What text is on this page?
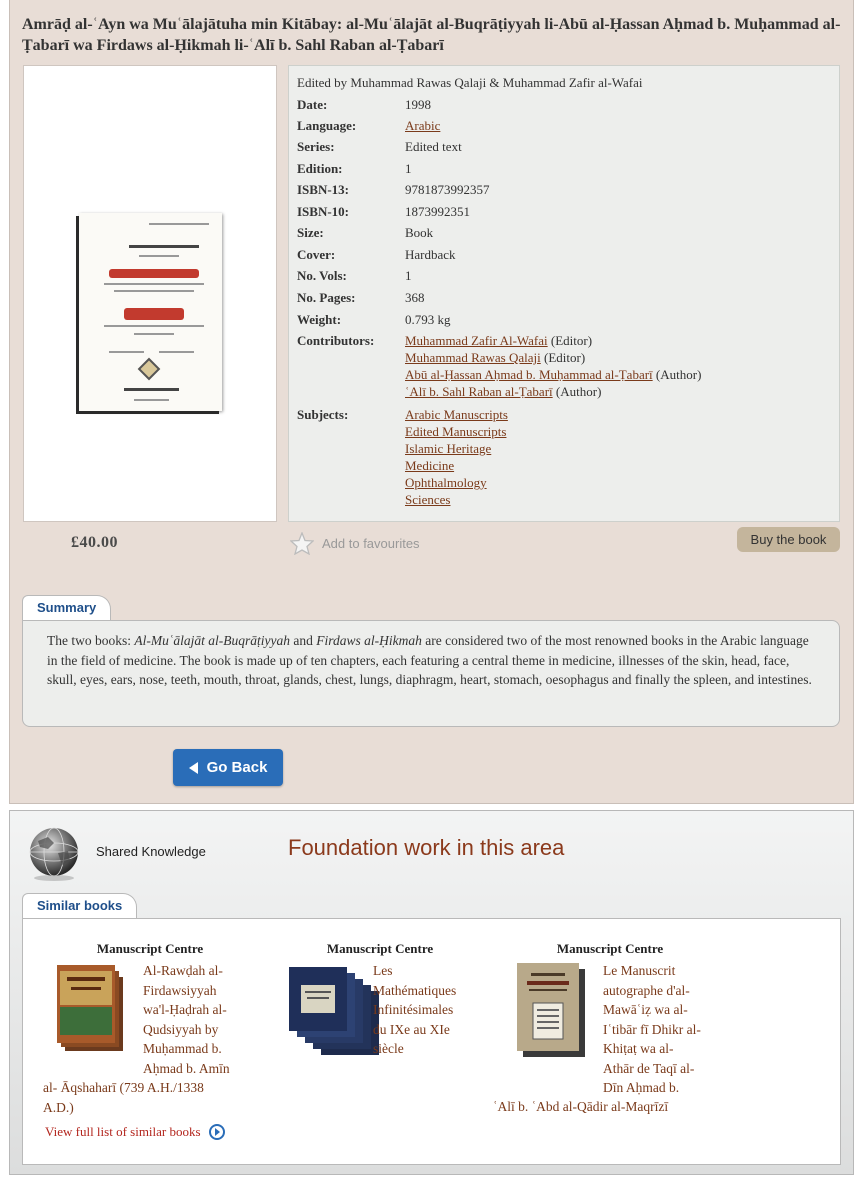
Amrāḍ al-ʿAyn wa Muʿālajātuha min Kitābay: al-Muʿālajāt al-Buqrāṭiyyah li-Abū al-Ḥassan Aḥmad b. Muḥammad al-Ṭabarī wa Firdaws al-Ḥikmah li-ʿAlī b. Sahl Raban al-Ṭabarī
Edited by Muhammad Rawas Qalaji & Muhammad Zafir al-Wafai
Date:	1998
Language:	Arabic
Series:	Edited text
Edition:	1
ISBN-13:	9781873992357
ISBN-10:	1873992351
Size:	Book
Cover:	Hardback
No. Vols:	1
No. Pages:	368
Weight:	0.793 kg
Contributors: Muhammad Zafir Al-Wafai (Editor)
Muhammad Rawas Qalaji (Editor)
Abū al-Ḥassan Aḥmad b. Muḥammad al-Ṭabarī (Author)
ʿAlī b. Sahl Raban al-Ṭabarī (Author)
Subjects:	Arabic Manuscripts
Edited Manuscripts
Islamic Heritage
Medicine
Ophthalmology
Sciences
£40.00	Add to favourites	Buy the book
Summary
The two books: Al-Muʿālajāt al-Buqrāṭiyyah and Firdaws al-Ḥikmah are considered two of the most renowned books in the Arabic language in the field of medicine. The book is made up of ten chapters, each featuring a central theme in medicine, illnesses of the skin, head, face, skull, eyes, ears, nose, teeth, mouth, throat, glands, chest, lungs, diaphragm, heart, stomach, oesophagus and finally the spleen, and intestines.
Go Back
Shared Knowledge	Foundation work in this area
Similar books
Manuscript Centre
Al-Rawḍah al-
Firdawsiyyah
wa'l-Ḥaḍrah al-
Qudsiyyah by
Muḥammad b.
Aḥmad b. Amīn
al- Āqshaharī (739 A.H./1338
A.D.)
Manuscript Centre
Les
Mathématiques
Infinitésimales
du IXe au XIe
siècle
Manuscript Centre
Le Manuscrit
autographe d'al-
Mawāʿiẓ wa al-
Iʿtibār fī Dhikr al-
Khiṭaṭ wa al-
Athār de Taqī al-
Dīn Aḥmad b.
ʿAlī b. ʿAbd al-Qādir al-Maqrīzī
View full list of similar books
